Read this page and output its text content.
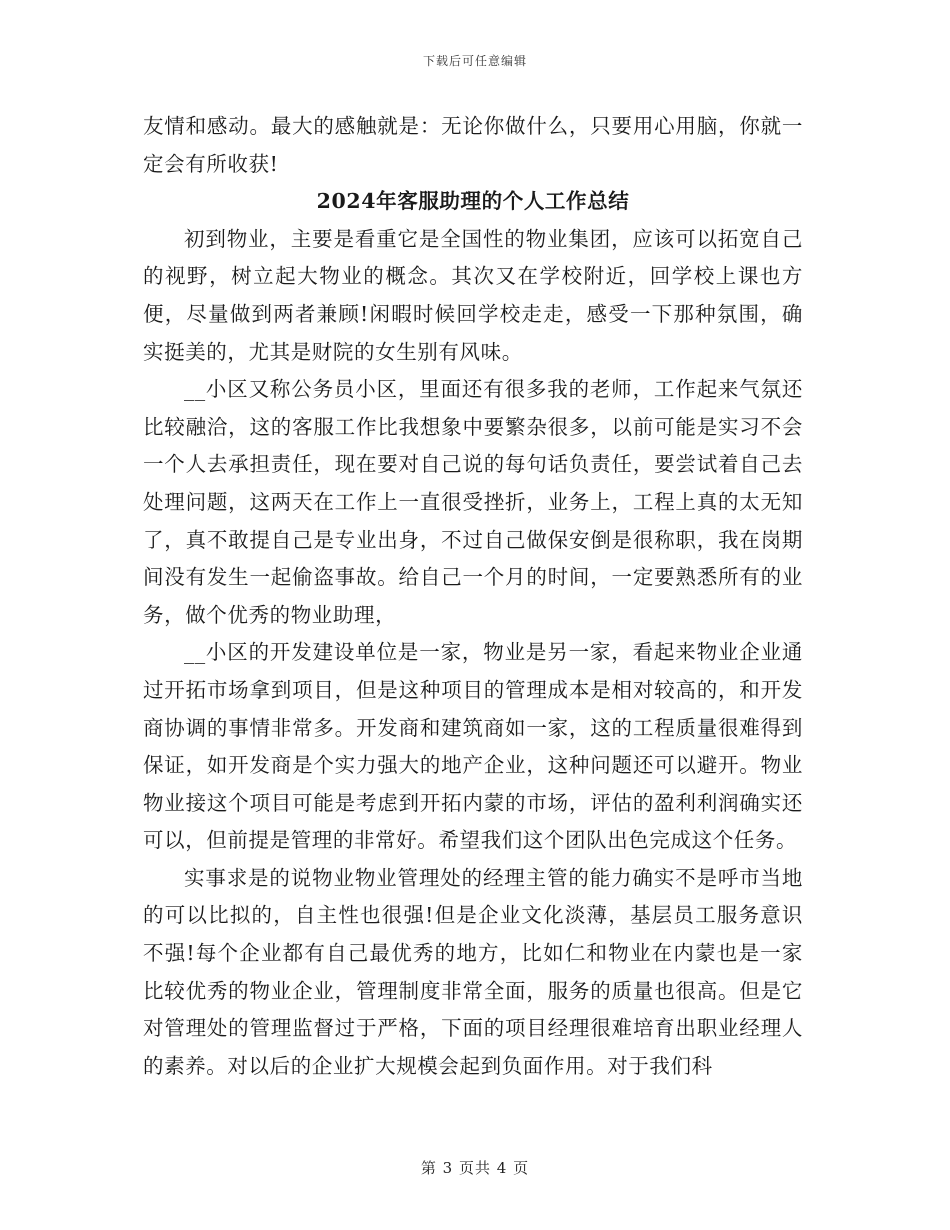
下载后可任意编辑

友情和感动。最大的感触就是：无论你做什么，只要用心用脑，你就一定会有所收获!

2024年客服助理的个人工作总结

初到物业，主要是看重它是全国性的物业集团，应该可以拓宽自己的视野，树立起大物业的概念。其次又在学校附近，回学校上课也方便，尽量做到两者兼顾!闲暇时候回学校走走，感受一下那种氛围，确实挺美的，尤其是财院的女生别有风味。

__小区又称公务员小区，里面还有很多我的老师，工作起来气氛还比较融洽，这的客服工作比我想象中要繁杂很多，以前可能是实习不会一个人去承担责任，现在要对自己说的每句话负责任，要尝试着自己去处理问题，这两天在工作上一直很受挫折，业务上，工程上真的太无知了，真不敢提自己是专业出身，不过自己做保安倒是很称职，我在岗期间没有发生一起偷盗事故。给自己一个月的时间，一定要熟悉所有的业务，做个优秀的物业助理，

__小区的开发建设单位是一家，物业是另一家，看起来物业企业通过开拓市场拿到项目，但是这种项目的管理成本是相对较高的，和开发商协调的事情非常多。开发商和建筑商如一家，这的工程质量很难得到保证，如开发商是个实力强大的地产企业，这种问题还可以避开。物业物业接这个项目可能是考虑到开拓内蒙的市场，评估的盈利利润确实还可以，但前提是管理的非常好。希望我们这个团队出色完成这个任务。

实事求是的说物业物业管理处的经理主管的能力确实不是呼市当地的可以比拟的，自主性也很强!但是企业文化淡薄，基层员工服务意识不强!每个企业都有自己最优秀的地方，比如仁和物业在内蒙也是一家比较优秀的物业企业，管理制度非常全面，服务的质量也很高。但是它对管理处的管理监督过于严格，下面的项目经理很难培育出职业经理人的素养。对以后的企业扩大规模会起到负面作用。对于我们科

第 3 页共 4 页
